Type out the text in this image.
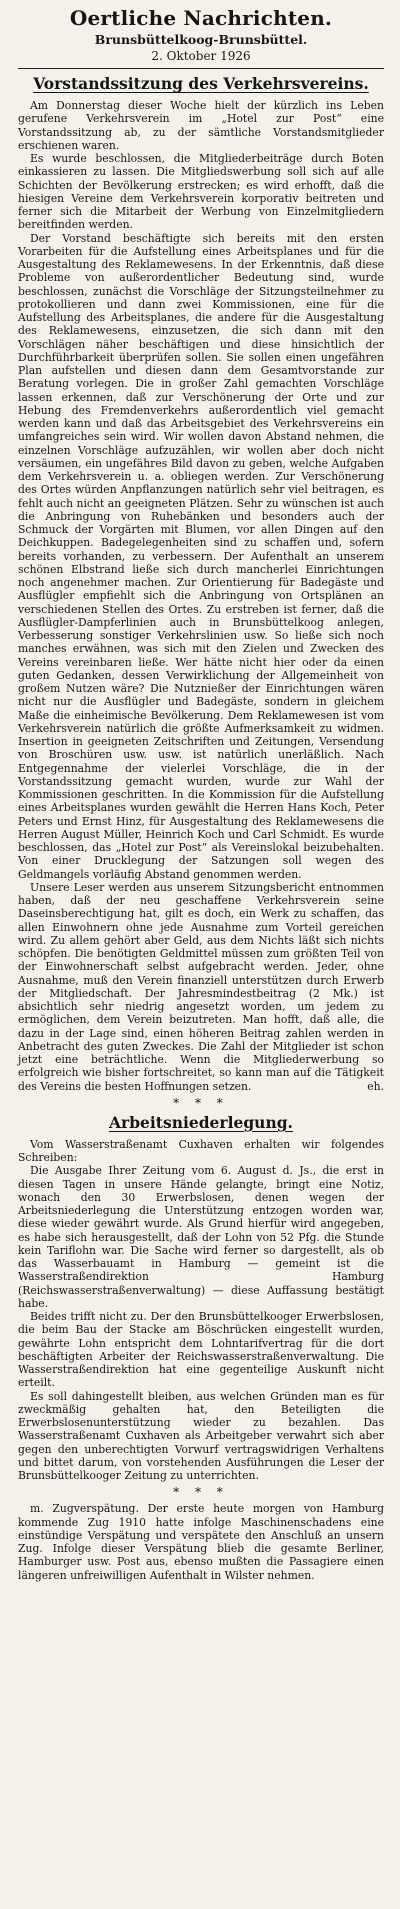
Oertliche Nachrichten.
Brunsbüttelkoog-Brunsbüttel.
2. Oktober 1926
Vorstandssitzung des Verkehrsvereins.

Am Donnerstag dieser Woche hielt der kürzlich ins Leben gerufene Verkehrsverein im „Hotel zur Post“ eine Vorstandssitzung ab, zu der sämtliche Vorstandsmitglieder erschienen waren.

Es wurde beschlossen, die Mitgliederbeiträge durch Boten einkassieren zu lassen. Die Mitgliedswerbung soll sich auf alle Schichten der Bevölkerung erstrecken; es wird erhofft, daß die hiesigen Vereine dem Verkehrsverein korporativ beitreten und ferner sich die Mitarbeit der Werbung von Einzelmitgliedern bereitfinden werden.

Der Vorstand beschäftigte sich bereits mit den ersten Vorarbeiten für die Aufstellung eines Arbeitsplanes und für die Ausgestaltung des Reklamewesens. In der Erkenntnis, daß diese Probleme von außerordentlicher Bedeutung sind, wurde beschlossen, zunächst die Vorschläge der Sitzungsteilnehmer zu protokollieren und dann zwei Kommissionen, eine für die Aufstellung des Arbeitsplanes, die andere für die Ausgestaltung des Reklamewesens, einzusetzen, die sich dann mit den Vorschlägen näher beschäftigen und diese hinsichtlich der Durchführbarkeit überprüfen sollen. Sie sollen einen ungefähren Plan aufstellen und diesen dann dem Gesamtvorstande zur Beratung vorlegen. Die in großer Zahl gemachten Vorschläge lassen erkennen, daß zur Verschönerung der Orte und zur Hebung des Fremdenverkehrs außerordentlich viel gemacht werden kann und daß das Arbeitsgebiet des Verkehrsvereins ein umfangreiches sein wird. Wir wollen davon Abstand nehmen, die einzelnen Vorschläge aufzuzählen, wir wollen aber doch nicht versäumen, ein ungefähres Bild davon zu geben, welche Aufgaben dem Verkehrsverein u. a. obliegen werden. Zur Verschönerung des Ortes würden Anpflanzungen natürlich sehr viel beitragen, es fehlt auch nicht an geeigneten Plätzen. Sehr zu wünschen ist auch die Anbringung von Ruhebänken und besonders auch der Schmuck der Vorgärten mit Blumen, vor allen Dingen auf den Deichkuppen. Badegelegenheiten sind zu schaffen und, sofern bereits vorhanden, zu verbessern. Der Aufenthalt an unserem schönen Elbstrand ließe sich durch mancherlei Einrichtungen noch angenehmer machen. Zur Orientierung für Badegäste und Ausflügler empfiehlt sich die Anbringung von Ortsplänen an verschiedenen Stellen des Ortes. Zu erstreben ist ferner, daß die Ausflügler-Dampferlinien auch in Brunsbüttelkoog anlegen, Verbesserung sonstiger Verkehrslinien usw. So ließe sich noch manches erwähnen, was sich mit den Zielen und Zwecken des Vereins vereinbaren ließe. Wer hätte nicht hier oder da einen guten Gedanken, dessen Verwirklichung der Allgemeinheit von großem Nutzen wäre? Die Nutznießer der Einrichtungen wären nicht nur die Ausflügler und Badegäste, sondern in gleichem Maße die einheimische Bevölkerung. Dem Reklamewesen ist vom Verkehrsverein natürlich die größte Aufmerksamkeit zu widmen. Insertion in geeigneten Zeitschriften und Zeitungen, Versendung von Broschüren usw. usw. ist natürlich unerläßlich. Nach Entgegennahme der vielerlei Vorschläge, die in der Vorstandssitzung gemacht wurden, wurde zur Wahl der Kommissionen geschritten. In die Kommission für die Aufstellung eines Arbeitsplanes wurden gewählt die Herren Hans Koch, Peter Peters und Ernst Hinz, für Ausgestaltung des Reklamewesens die Herren August Müller, Heinrich Koch und Carl Schmidt. Es wurde beschlossen, das „Hotel zur Post“ als Vereinslokal beizubehalten. Von einer Drucklegung der Satzungen soll wegen des Geldmangels vorläufig Abstand genommen werden.

Unsere Leser werden aus unserem Sitzungsbericht entnommen haben, daß der neu geschaffene Verkehrsverein seine Daseinsberechtigung hat, gilt es doch, ein Werk zu schaffen, das allen Einwohnern ohne jede Ausnahme zum Vorteil gereichen wird. Zu allem gehört aber Geld, aus dem Nichts läßt sich nichts schöpfen. Die benötigten Geldmittel müssen zum größten Teil von der Einwohnerschaft selbst aufgebracht werden. Jeder, ohne Ausnahme, muß den Verein finanziell unterstützen durch Erwerb der Mitgliedschaft. Der Jahresmindestbeitrag (2 Mk.) ist absichtlich sehr niedrig angesetzt worden, um jedem zu ermöglichen, dem Verein beizutreten. Man hofft, daß alle, die dazu in der Lage sind, einen höheren Beitrag zahlen werden in Anbetracht des guten Zweckes. Die Zahl der Mitglieder ist schon jetzt eine beträchtliche. Wenn die Mitgliederwerbung so erfolgreich wie bisher fortschreitet, so kann man auf die Tätigkeit des Vereins die besten Hoffnungen setzen.	eh.
* * *
Arbeitsniederlegung.

Vom Wasserstraßenamt Cuxhaven erhalten wir folgendes Schreiben:

Die Ausgabe Ihrer Zeitung vom 6. August d. Js., die erst in diesen Tagen in unsere Hände gelangte, bringt eine Notiz, wonach den 30 Erwerbslosen, denen wegen der Arbeitsniederlegung die Unterstützung entzogen worden war, diese wieder gewährt wurde. Als Grund hierfür wird angegeben, es habe sich herausgestellt, daß der Lohn von 52 Pfg. die Stunde kein Tariflohn war. Die Sache wird ferner so dargestellt, als ob das Wasserbauamt in Hamburg — gemeint ist die Wasserstraßendirektion Hamburg (Reichswasserstraßenverwaltung) — diese Auffassung bestätigt habe.

Beides trifft nicht zu. Der den Brunsbüttelkooger Erwerbslosen, die beim Bau der Stacke am Böschrücken eingestellt wurden, gewährte Lohn entspricht dem Lohntarifvertrag für die dort beschäftigten Arbeiter der Reichswasserstraßenverwaltung. Die Wasserstraßendirektion hat eine gegenteilige Auskunft nicht erteilt.

Es soll dahingestellt bleiben, aus welchen Gründen man es für zweckmäßig gehalten hat, den Beteiligten die Erwerbslosenunterstützung wieder zu bezahlen. Das Wasserstraßenamt Cuxhaven als Arbeitgeber verwahrt sich aber gegen den unberechtigten Vorwurf vertragswidrigen Verhaltens und bittet darum, von vorstehenden Ausführungen die Leser der Brunsbüttelkooger Zeitung zu unterrichten.

* * *

m. Zugverspätung. Der erste heute morgen von Hamburg kommende Zug 1910 hatte infolge Maschinenschadens eine einstündige Verspätung und verspätete den Anschluß an unsern Zug. Infolge dieser Verspätung blieb die gesamte Berliner, Hamburger usw. Post aus, ebenso mußten die Passagiere einen längeren unfreiwilligen Aufenthalt in Wilster nehmen.
